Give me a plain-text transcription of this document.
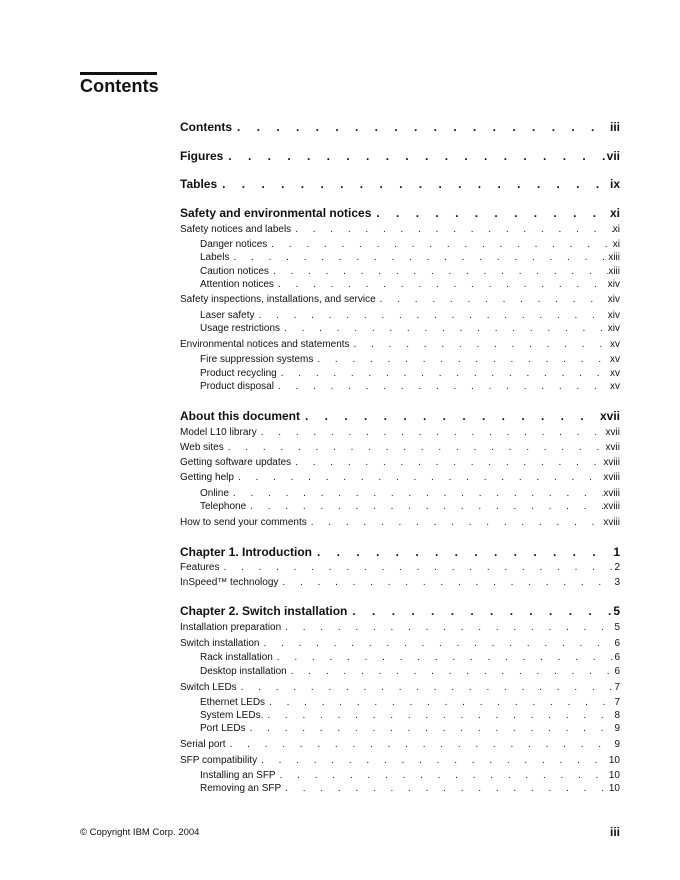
Contents
Contents . . .	iii
Figures . . .	vii
Tables . . .	ix
Safety and environmental notices . . .	xi
Safety notices and labels . . .	xi
Danger notices . . .	xi
Labels . . .	xiii
Caution notices . . .	xiii
Attention notices . . .	xiv
Safety inspections, installations, and service . . .	xiv
Laser safety . . .	xiv
Usage restrictions . . .	xiv
Environmental notices and statements . . .	xv
Fire suppression systems . . .	xv
Product recycling . . .	xv
Product disposal . . .	xv
About this document . . .	xvii
Model L10 library . . .	xvii
Web sites . . .	xvii
Getting software updates . . .	xviii
Getting help . . .	xviii
Online . . .	xviii
Telephone . . .	xviii
How to send your comments . . .	xviii
Chapter 1. Introduction . . .	1
Features . . .	2
InSpeed™ technology . . .	3
Chapter 2. Switch installation . . .	5
Installation preparation . . .	5
Switch installation . . .	6
Rack installation . . .	6
Desktop installation . . .	6
Switch LEDs . . .	7
Ethernet LEDs . . .	7
System LEDs. . . .	8
Port LEDs . . .	9
Serial port . . .	9
SFP compatibility . . .	10
Installing an SFP . . .	10
Removing an SFP . . .	10
© Copyright IBM Corp. 2004	iii
